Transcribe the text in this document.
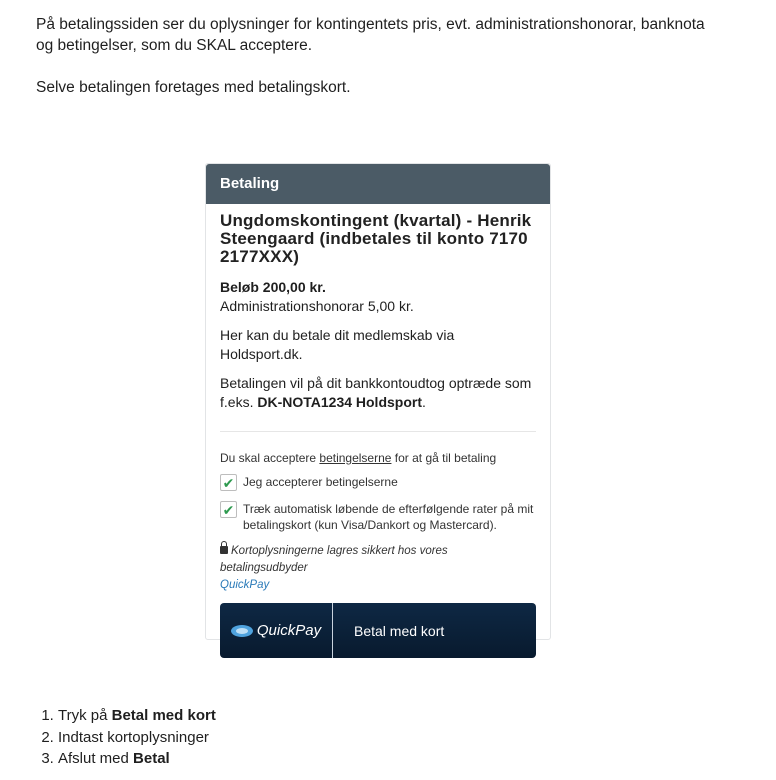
På betalingssiden ser du oplysninger for kontingentets pris, evt. administrationshonorar, banknota og betingelser, som du SKAL acceptere.

Selve betalingen foretages med betalingskort.

Betaling
Ungdomskontingent (kvartal) - Henrik Steengaard (indbetales til konto 7170 2177XXX)

Beløb 200,00 kr.

Administrationshonorar 5,00 kr.

Her kan du betale dit medlemskab via Holdsport.dk.

Betalingen vil på dit bankkontoudtog optræde som f.eks. DK-NOTA1234 Holdsport.

Du skal acceptere betingelserne for at gå til betaling

✔ Jeg accepterer betingelserne
✔ Træk automatisk løbende de efterfølgende rater på mit betalingskort (kun Visa/Dankort og Mastercard).
Kortoplysningerne lagres sikkert hos vores betalingsudbyder
QuickPay
QuickPay	Betal med kort
1. Tryk på Betal med kort
2. Indtast kortoplysninger
3. Afslut med Betal
